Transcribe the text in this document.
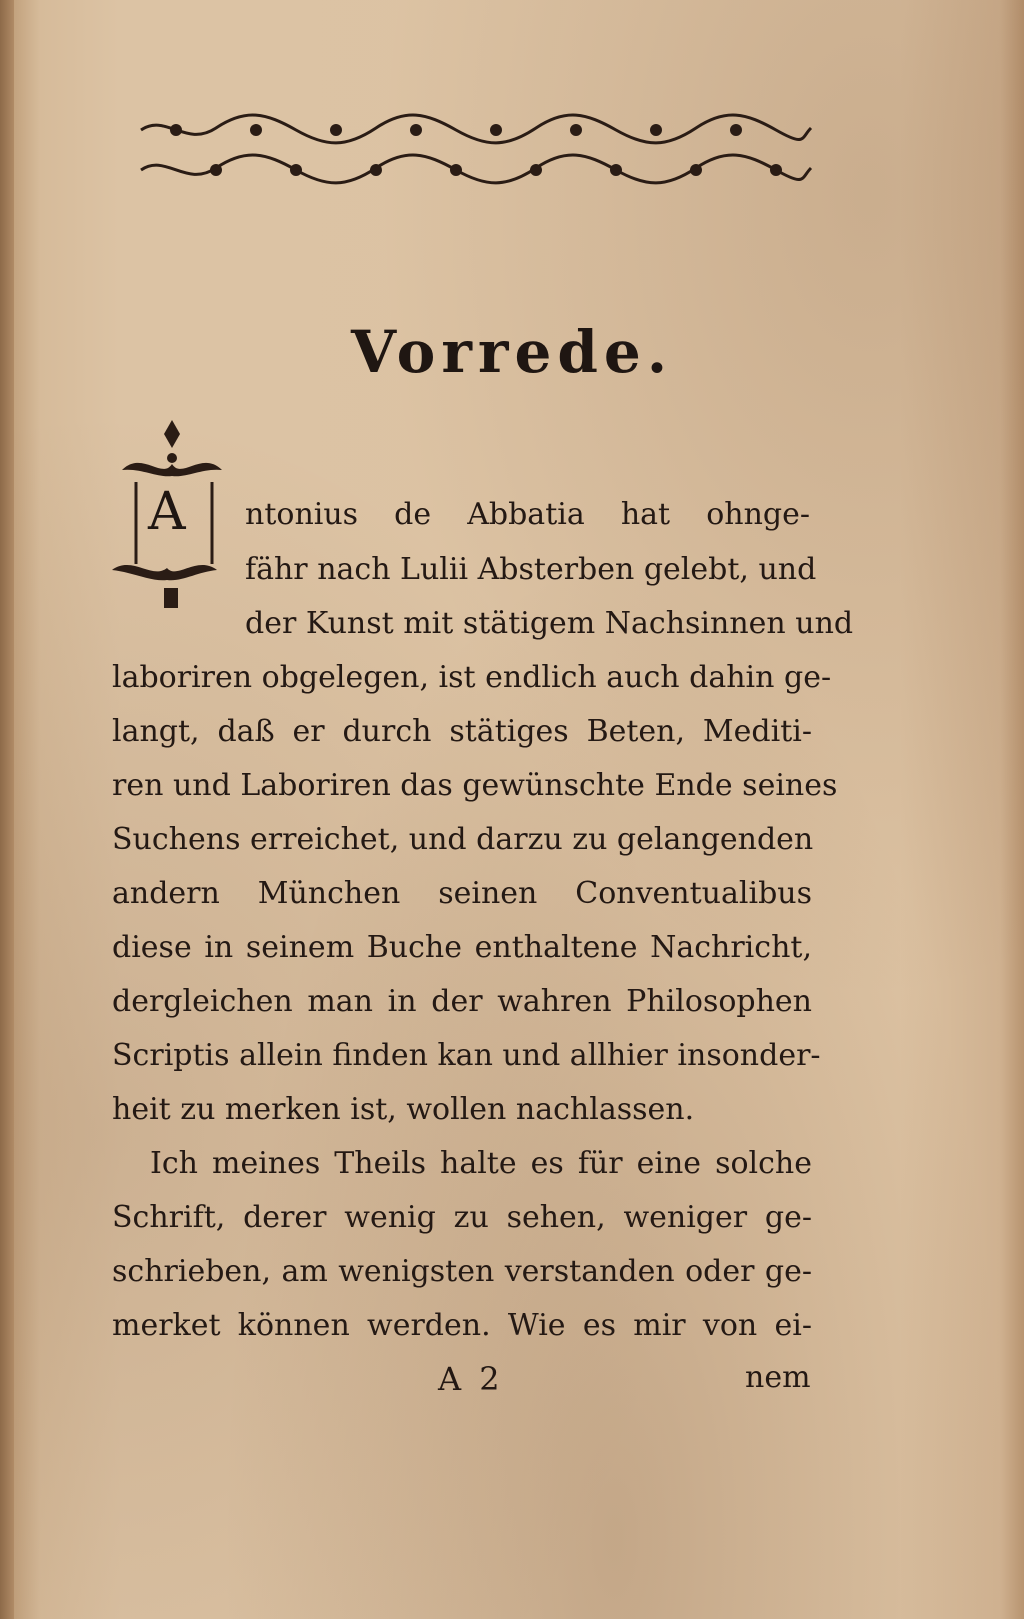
Vorrede.
A ntonius de Abbatia hat ohnge-
fähr nach Lulii Absterben gelebt, und
der Kunst mit stätigem Nachsinnen und
laboriren obgelegen, ist endlich auch dahin ge-
langt, daß er durch stätiges Beten, Mediti-
ren und Laboriren das gewünschte Ende seines
Suchens erreichet, und darzu zu gelangenden
andern München seinen Conventualibus
diese in seinem Buche enthaltene Nachricht,
dergleichen man in der wahren Philosophen
Scriptis allein finden kan und allhier insonder-
heit zu merken ist, wollen nachlassen.
Ich meines Theils halte es für eine solche
Schrift, derer wenig zu sehen, weniger ge-
schrieben, am wenigsten verstanden oder ge-
merket können werden. Wie es mir von ei-
A 2	nem
